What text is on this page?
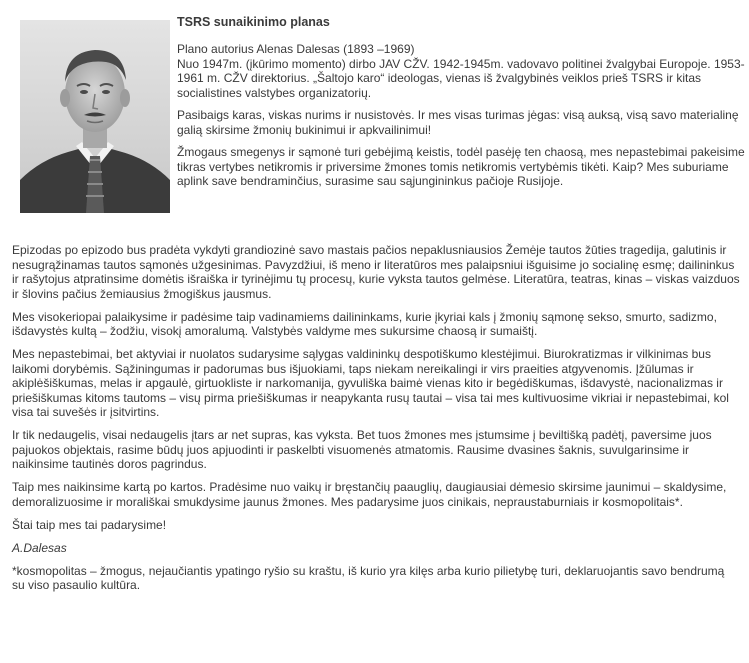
TSRS sunaikinimo planas

Plano autorius Alenas Dalesas (1893 –1969)
Nuo 1947m. (įkūrimo momento) dirbo JAV CŽV. 1942-1945m. vadovavo politinei žvalgybai Europoje. 1953-1961 m. CŽV direktorius. „Šaltojo karo“ ideologas, vienas iš žvalgybinės veiklos prieš TSRS ir kitas socialistines valstybes organizatorių.

Pasibaigs karas, viskas nurims ir nusistovės. Ir mes visas turimas jėgas: visą auksą, visą savo materialinę galią skirsime žmonių bukinimui ir apkvailinimui!

Žmogaus smegenys ir sąmonė turi gebėjimą keistis, todėl pasėję ten chaosą, mes nepastebimai pakeisime tikras vertybes netikromis ir priversime žmones tomis netikromis vertybėmis tikėti. Kaip? Mes suburiame aplink save bendraminčius, surasime sau sąjungininkus pačioje Rusijoje.

Epizodas po epizodo bus pradėta vykdyti grandiozinė savo mastais pačios nepaklusniausios Žemėje tautos žūties tragedija, galutinis ir nesugrąžinamas tautos sąmonės užgesinimas. Pavyzdžiui, iš meno ir literatūros mes palaipsniui išguisime jo socialinę esmę; dailininkus ir rašytojus atpratinsime domėtis išraiška ir tyrinėjimu tų procesų, kurie vyksta tautos gelmėse. Literatūra, teatras, kinas – viskas vaizduos ir šlovins pačius žemiausius žmogiškus jausmus.

Mes visokeriopai palaikysime ir padėsime taip vadinamiems dailininkams, kurie įkyriai kals į žmonių sąmonę sekso, smurto, sadizmo, išdavystės kultą – žodžiu, visokį amoralumą. Valstybės valdyme mes sukursime chaosą ir sumaištį.

Mes nepastebimai, bet aktyviai ir nuolatos sudarysime sąlygas valdininkų despotiškumo klestėjimui. Biurokratizmas ir vilkinimas bus laikomi dorybėmis. Sąžiningumas ir padorumas bus išjuokiami, taps niekam nereikalingi ir virs praeities atgyvenomis. Įžūlumas ir akiplėšiškumas, melas ir apgaulė, girtuokliste ir narkomanija, gyvuliška baimė vienas kito ir begėdiškumas, išdavystė, nacionalizmas ir priešiškumas kitoms tautoms – visų pirma priešiškumas ir neapykanta rusų tautai – visa tai mes kultivuosime vikriai ir nepastebimai, kol visa tai suvešės ir įsitvirtins.

Ir tik nedaugelis, visai nedaugelis įtars ar net supras, kas vyksta. Bet tuos žmones mes įstumsime į beviltišką padėtį, paversime juos pajuokos objektais, rasime būdų juos apjuodinti ir paskelbti visuomenės atmatomis. Rausime dvasines šaknis, suvulgarinsime ir naikinsime tautinės doros pagrindus.

Taip mes naikinsime kartą po kartos. Pradėsime nuo vaikų ir bręstančių paauglių, daugiausiai dėmesio skirsime jaunimui – skaldysime, demoralizuosime ir morališkai smukdysime jaunus žmones. Mes padarysime juos cinikais, nepraustaburniais ir kosmopolitais*.

Štai taip mes tai padarysime!

A.Dalesas

*kosmopolitas – žmogus, nejaučiantis ypatingo ryšio su kraštu, iš kurio yra kilęs arba kurio pilietybę turi, deklaruojantis savo bendrumą su viso pasaulio kultūra.
